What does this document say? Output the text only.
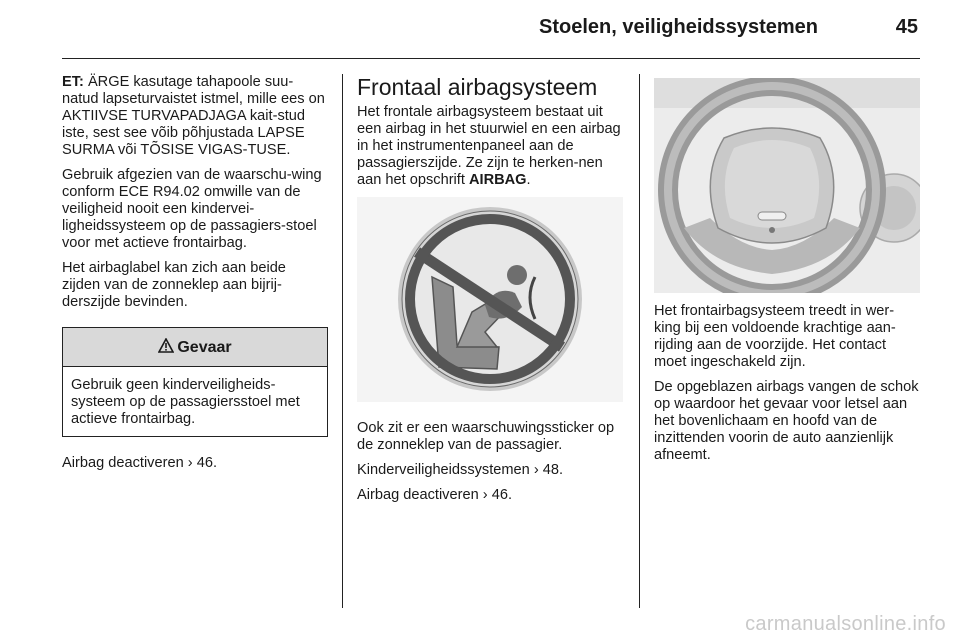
Stoelen, veiligheidssystemen	45

ET: ÄRGE kasutage tahapoole suu-natud lapseturvaistet istmel, mille ees on AKTIIVSE TURVAPADJAGA kait-stud iste, sest see võib põhjustada LAPSE SURMA või TÕSISE VIGAS-TUSE.

Gebruik afgezien van de waarschu-wing conform ECE R94.02 omwille van de veiligheid nooit een kindervei-ligheidssysteem op de passagiers-stoel voor met actieve frontairbag.

Het airbaglabel kan zich aan beide zijden van de zonneklep aan bijrij-derszijde bevinden.

Gevaar
Gebruik geen kinderveiligheids-systeem op de passagiersstoel met actieve frontairbag.

Airbag deactiveren › 46.

Frontaal airbagsysteem

Het frontale airbagsysteem bestaat uit een airbag in het stuurwiel en een airbag in het instrumentenpaneel aan de passagierszijde. Ze zijn te herken-nen aan het opschrift AIRBAG.

Ook zit er een waarschuwingssticker op de zonneklep van de passagier.

Kinderveiligheidssystemen › 48.

Airbag deactiveren › 46.

Het frontairbagsysteem treedt in wer-king bij een voldoende krachtige aan-rijding aan de voorzijde. Het contact moet ingeschakeld zijn.

De opgeblazen airbags vangen de schok op waardoor het gevaar voor letsel aan het bovenlichaam en hoofd van de inzittenden voorin de auto aanzienlijk afneemt.

carmanualsonline.info
